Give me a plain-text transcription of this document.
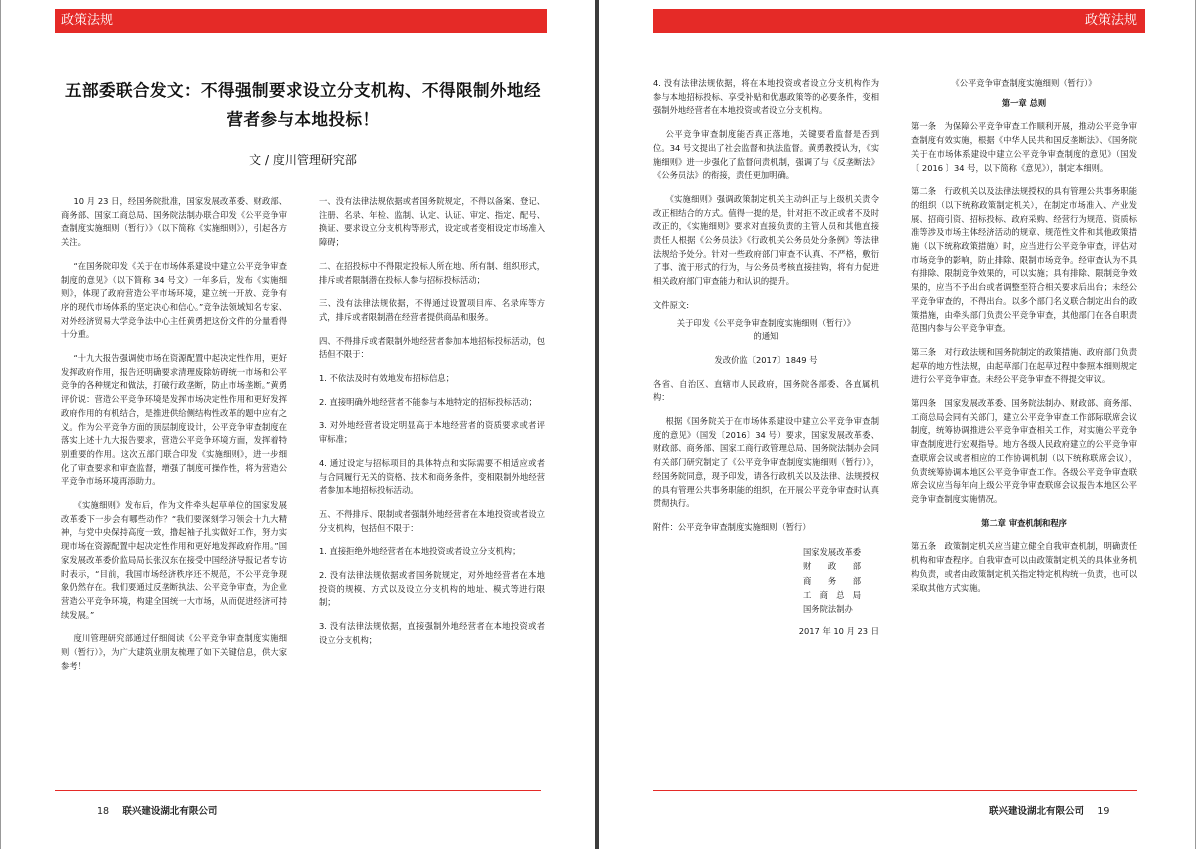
政策法规
五部委联合发文：不得强制要求设立分支机构、不得限制外地经营者参与本地投标！
文 / 度川管理研究部

10 月 23 日，经国务院批准，国家发展改革委、财政部、商务部、国家工商总局、国务院法制办联合印发《公平竞争审查制度实施细则（暂行）》（以下简称《实施细则》），引起各方关注。

“在国务院印发《关于在市场体系建设中建立公平竞争审查制度的意见》（以下简称 34 号文）一年多后，发布《实施细则》，体现了政府营造公平市场环境，建立统一开放、竞争有序的现代市场体系的坚定决心和信心。”竞争法领域知名专家、对外经济贸易大学竞争法中心主任黄勇把这份文件的分量看得十分重。

“十九大报告强调使市场在资源配置中起决定性作用，更好发挥政府作用，报告还明确要求清理废除妨碍统一市场和公平竞争的各种规定和做法，打破行政垄断，防止市场垄断。”黄勇评价说：营造公平竞争环境是发挥市场决定性作用和更好发挥政府作用的有机结合，是推进供给侧结构性改革的题中应有之义。作为公平竞争方面的顶层制度设计，公平竞争审查制度在落实上述十九大报告要求，营造公平竞争环境方面，发挥着特别重要的作用。这次五部门联合印发《实施细则》，进一步细化了审查要求和审查监督，增强了制度可操作性，将为营造公平竞争市场环境再添助力。

《实施细则》发布后，作为文件牵头起草单位的国家发展改革委下一步会有哪些动作？“我们要深刻学习领会十九大精神，与党中央保持高度一致，撸起袖子扎实做好工作，努力实现市场在资源配置中起决定性作用和更好地发挥政府作用。”国家发展改革委价监局局长张汉东在接受中国经济导报记者专访时表示，“目前，我国市场经济秩序还不规范，不公平竞争现象仍然存在。我们要通过反垄断执法、公平竞争审查，为企业营造公平竞争环境，构建全国统一大市场，从而促进经济可持续发展。”

度川管理研究部通过仔细阅读《公平竞争审查制度实施细则（暂行）》，为广大建筑业朋友梳理了如下关键信息，供大家参考！

一、没有法律法规依据或者国务院规定，不得以备案、登记、注册、名录、年检、监制、认定、认证、审定、指定、配号、换证、要求设立分支机构等形式，设定或者变相设定市场准入障碍；

二、在招投标中不得限定投标人所在地、所有制、组织形式，排斥或者限制潜在投标人参与招标投标活动；

三、没有法律法规依据，不得通过设置项目库、名录库等方式，排斥或者限制潜在经营者提供商品和服务。

四、不得排斥或者限制外地经营者参加本地招标投标活动，包括但不限于：

1. 不依法及时有效地发布招标信息；

2. 直接明确外地经营者不能参与本地特定的招标投标活动；

3. 对外地经营者设定明显高于本地经营者的资质要求或者评审标准；

4. 通过设定与招标项目的具体特点和实际需要不相适应或者与合同履行无关的资格、技术和商务条件，变相限制外地经营者参加本地招标投标活动。

五、不得排斥、限制或者强制外地经营者在本地投资或者设立分支机构，包括但不限于：

1. 直接拒绝外地经营者在本地投资或者设立分支机构；

2. 没有法律法规依据或者国务院规定，对外地经营者在本地投资的规模、方式以及设立分支机构的地址、模式等进行限制；

3. 没有法律法规依据，直接强制外地经营者在本地投资或者设立分支机构；

18 联兴建设湖北有限公司
政策法规

4. 没有法律法规依据，将在本地投资或者设立分支机构作为参与本地招标投标、享受补贴和优惠政策等的必要条件，变相强制外地经营者在本地投资或者设立分支机构。

公平竞争审查制度能否真正落地，关键要看监督是否到位。34 号文提出了社会监督和执法监督。黄勇教授认为，《实施细则》进一步强化了监督问责机制，强调了与《反垄断法》《公务员法》的衔接，责任更加明确。

《实施细则》强调政策制定机关主动纠正与上级机关责令改正相结合的方式。值得一提的是，针对拒不改正或者不及时改正的，《实施细则》要求对直接负责的主管人员和其他直接责任人根据《公务员法》《行政机关公务员处分条例》等法律法规给予处分。针对一些政府部门审查不认真、不严格，敷衍了事、流于形式的行为，与公务员考核直接挂钩，将有力促进相关政府部门审查能力和认识的提升。

文件原文:

关于印发《公平竞争审查制度实施细则（暂行）》

的通知

发改价监〔2017〕1849 号

各省、自治区、直辖市人民政府，国务院各部委、各直属机构：

根据《国务院关于在市场体系建设中建立公平竞争审查制度的意见》（国发〔2016〕34 号）要求，国家发展改革委、财政部、商务部、国家工商行政管理总局、国务院法制办会同有关部门研究制定了《公平竞争审查制度实施细则（暂行）》，经国务院同意，现予印发，请各行政机关以及法律、法规授权的具有管理公共事务职能的组织，在开展公平竞争审查时认真贯彻执行。

附件：公平竞争审查制度实施细则（暂行）

国家发展改革委
财　　政　　部
商　　务　　部
工　商　总　局
国务院法制办
2017 年 10 月 23 日

《公平竞争审查制度实施细则（暂行）》

第一章 总则

第一条　为保障公平竞争审查工作顺利开展，推动公平竞争审查制度有效实施，根据《中华人民共和国反垄断法》、《国务院关于在市场体系建设中建立公平竞争审查制度的意见》（国发〔 2016 〕34 号，以下简称《意见》），制定本细则。

第二条　行政机关以及法律法规授权的具有管理公共事务职能的组织（以下统称政策制定机关），在制定市场准入、产业发展、招商引资、招标投标、政府采购、经营行为规范、资质标准等涉及市场主体经济活动的规章、规范性文件和其他政策措施（以下统称政策措施）时，应当进行公平竞争审查，评估对市场竞争的影响，防止排除、限制市场竞争。经审查认为不具有排除、限制竞争效果的，可以实施；具有排除、限制竞争效果的，应当不予出台或者调整至符合相关要求后出台；未经公平竞争审查的，不得出台。以多个部门名义联合制定出台的政策措施，由牵头部门负责公平竞争审查，其他部门在各自职责范围内参与公平竞争审查。

第三条　对行政法规和国务院制定的政策措施、政府部门负责起草的地方性法规，由起草部门在起草过程中参照本细则规定进行公平竞争审查。未经公平竞争审查不得提交审议。

第四条　国家发展改革委、国务院法制办、财政部、商务部、工商总局会同有关部门，建立公平竞争审查工作部际联席会议制度，统筹协调推进公平竞争审查相关工作，对实施公平竞争审查制度进行宏观指导。地方各级人民政府建立的公平竞争审查联席会议或者相应的工作协调机制（以下统称联席会议），负责统筹协调本地区公平竞争审查工作。各级公平竞争审查联席会议应当每年向上级公平竞争审查联席会议报告本地区公平竞争审查制度实施情况。

第二章 审查机制和程序

第五条　政策制定机关应当建立健全自我审查机制，明确责任机构和审查程序。自我审查可以由政策制定机关的具体业务机构负责，或者由政策制定机关指定特定机构统一负责，也可以采取其他方式实施。

联兴建设湖北有限公司 19
